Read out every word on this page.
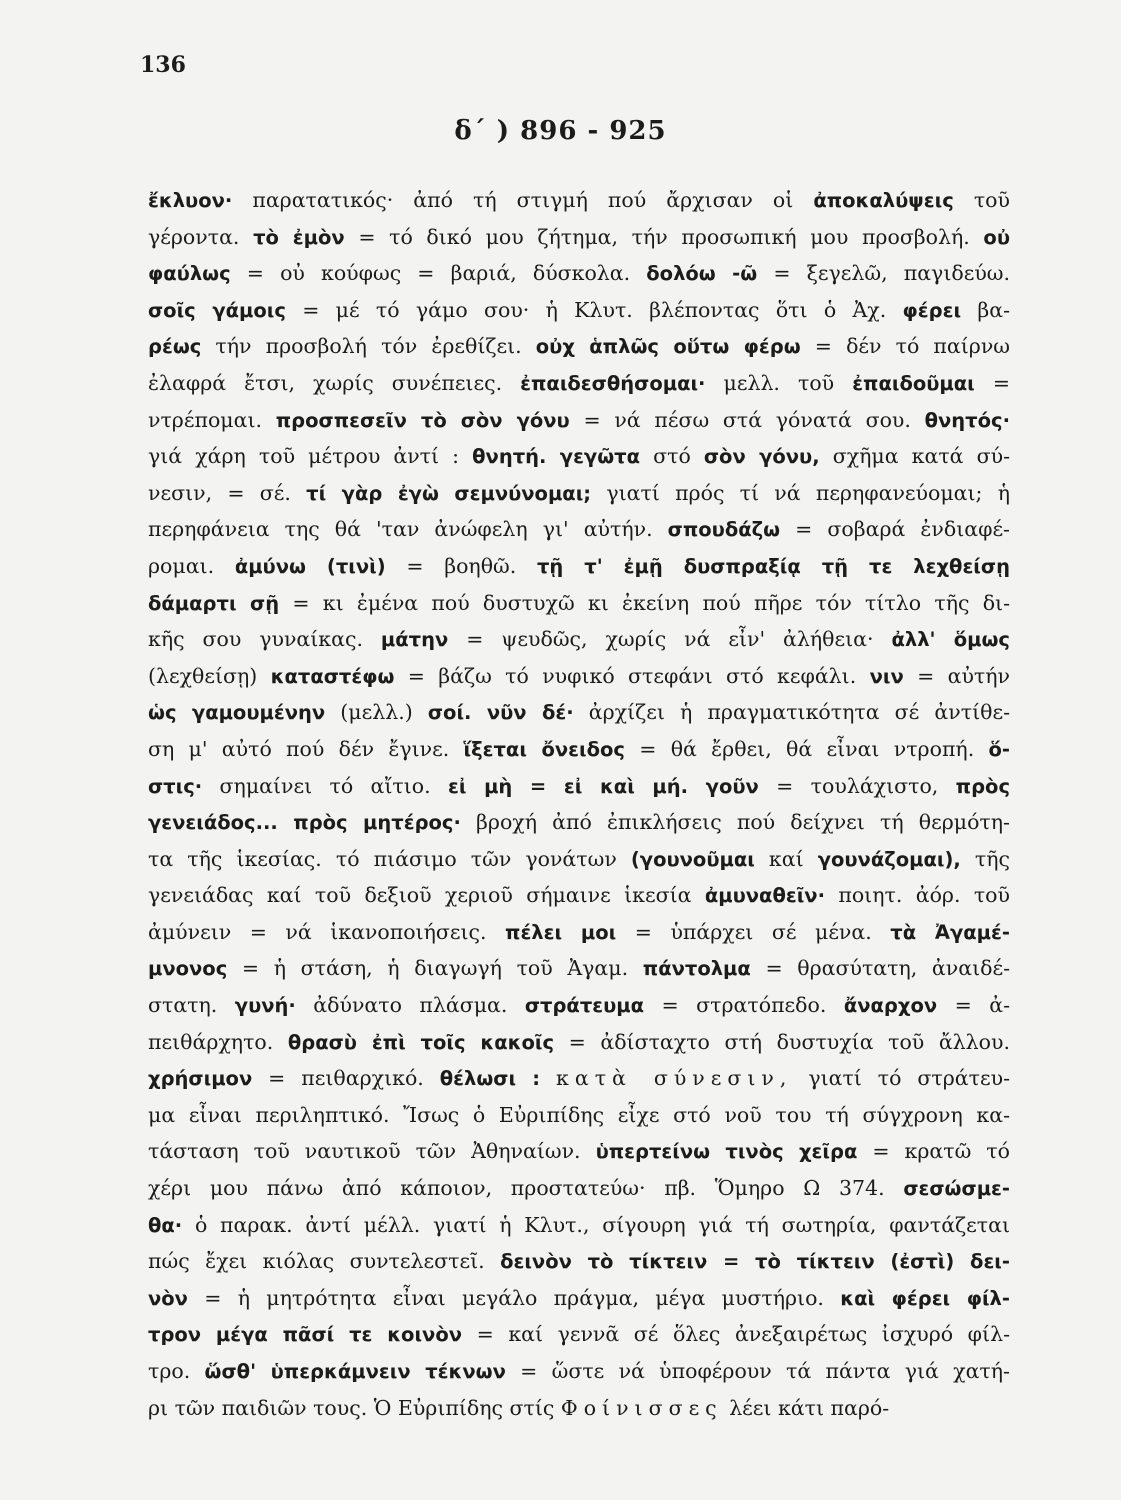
136
δ΄ ) 896 - 925
ἔκλυον· παρατατικός· ἀπό τή στιγμή πού ἄρχισαν οἱ ἀποκαλύψεις τοῦ
γέροντα. τὸ ἐμὸν = τό δικό μου ζήτημα, τήν προσωπική μου προσβολή. οὐ
φαύλως = οὐ κούφως = βαριά, δύσκολα. δολόω -ῶ = ξεγελῶ, παγιδεύω.
σοῖς γάμοις = μέ τό γάμο σου· ἡ Κλυτ. βλέποντας ὅτι ὁ Ἀχ. φέρει βα-
ρέως τήν προσβολή τόν ἐρεθίζει. οὐχ ἁπλῶς οὕτω φέρω = δέν τό παίρνω
ἐλαφρά ἔτσι, χωρίς συνέπειες. ἐπαιδεσθήσομαι· μελλ. τοῦ ἐπαιδοῦμαι =
ντρέπομαι. προσπεσεῖν τὸ σὸν γόνυ = νά πέσω στά γόνατά σου. θνητός·
γιά χάρη τοῦ μέτρου ἀντί : θνητή. γεγῶτα στό σὸν γόνυ, σχῆμα κατά σύ-
νεσιν, = σέ. τί γὰρ ἐγὼ σεμνύνομαι; γιατί πρός τί νά περηφανεύομαι; ἡ
περηφάνεια της θά 'ταν ἀνώφελη γι' αὐτήν. σπουδάζω = σοβαρά ἐνδιαφέ-
ρομαι. ἀμύνω (τινὶ) = βοηθῶ. τῇ τ' ἐμῇ δυσπραξίᾳ τῇ τε λεχθείσῃ
δάμαρτι σῇ = κι ἐμένα πού δυστυχῶ κι ἐκείνη πού πῆρε τόν τίτλο τῆς δι-
κῆς σου γυναίκας. μάτην = ψευδῶς, χωρίς νά εἶν' ἀλήθεια· ἀλλ' ὅμως
(λεχθείσῃ) καταστέφω = βάζω τό νυφικό στεφάνι στό κεφάλι. νιν = αὐτήν
ὡς γαμουμένην (μελλ.) σοί. νῦν δέ· ἀρχίζει ἡ πραγματικότητα σέ ἀντίθε-
ση μ' αὐτό πού δέν ἔγινε. ἵξεται ὄνειδος = θά ἔρθει, θά εἶναι ντροπή. ὅ-
στις· σημαίνει τό αἴτιο. εἰ μὴ = εἰ καὶ μή. γοῦν = τουλάχιστο, πρὸς
γενειάδος... πρὸς μητέρος· βροχή ἀπό ἐπικλήσεις πού δείχνει τή θερμότη-
τα τῆς ἱκεσίας. τό πιάσιμο τῶν γονάτων (γουνοῦμαι καί γουνάζομαι), τῆς
γενειάδας καί τοῦ δεξιοῦ χεριοῦ σήμαινε ἱκεσία ἀμυναθεῖν· ποιητ. ἀόρ. τοῦ
ἀμύνειν = νά ἱκανοποιήσεις. πέλει μοι = ὑπάρχει σέ μένα. τὰ Ἀγαμέ-
μνονος = ἡ στάση, ἡ διαγωγή τοῦ Ἀγαμ. πάντολμα = θρασύτατη, ἀναιδέ-
στατη. γυνή· ἀδύνατο πλάσμα. στράτευμα = στρατόπεδο. ἄναρχον = ἀ-
πειθάρχητο. θρασὺ ἐπὶ τοῖς κακοῖς = ἀδίσταχτο στή δυστυχία τοῦ ἄλλου.
χρήσιμον = πειθαρχικό. θέλωσι : κατὰ σύνεσιν, γιατί τό στράτευ-
μα εἶναι περιληπτικό. Ἴσως ὁ Εὐριπίδης εἶχε στό νοῦ του τή σύγχρονη κα-
τάσταση τοῦ ναυτικοῦ τῶν Ἀθηναίων. ὑπερτείνω τινὸς χεῖρα = κρατῶ τό
χέρι μου πάνω ἀπό κάποιον, προστατεύω· πβ. Ὅμηρο Ω 374. σεσώσμε-
θα· ὁ παρακ. ἀντί μέλλ. γιατί ἡ Κλυτ., σίγουρη γιά τή σωτηρία, φαντάζεται
πώς ἔχει κιόλας συντελεστεῖ. δεινὸν τὸ τίκτειν = τὸ τίκτειν (ἐστὶ) δει-
νὸν = ἡ μητρότητα εἶναι μεγάλο πράγμα, μέγα μυστήριο. καὶ φέρει φίλ-
τρον μέγα πᾶσί τε κοινὸν = καί γεννᾶ σέ ὅλες ἀνεξαιρέτως ἰσχυρό φίλ-
τρο. ὥσθ' ὑπερκάμνειν τέκνων = ὥστε νά ὑποφέρουν τά πάντα γιά χατή-
ρι τῶν παιδιῶν τους. Ὁ Εὐριπίδης στίς Φοίνισσες λέει κάτι παρό-
